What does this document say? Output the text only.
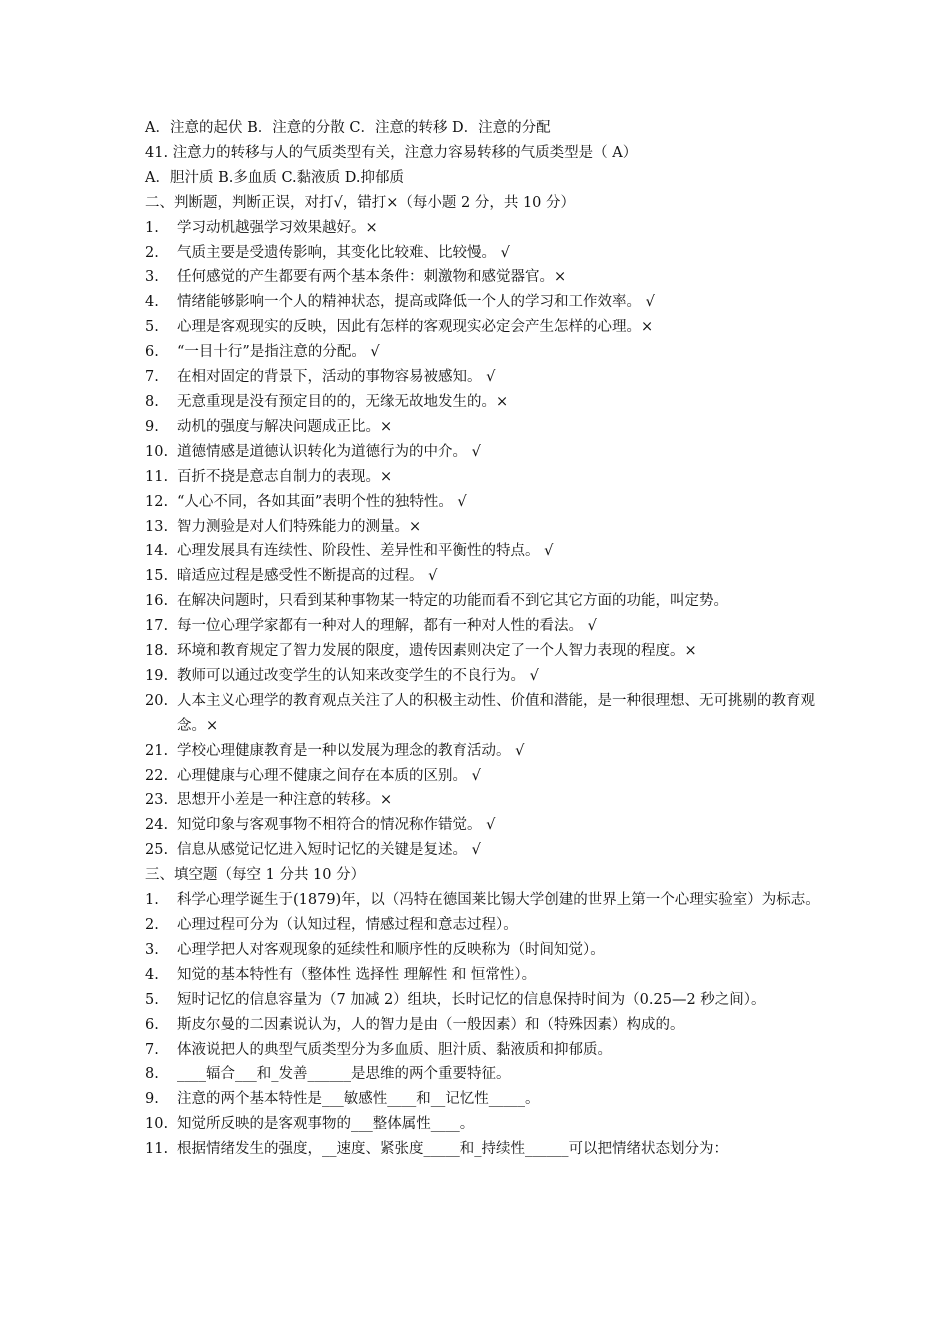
A．注意的起伏 B．注意的分散 C．注意的转移 D．注意的分配
41. 注意力的转移与人的气质类型有关，注意力容易转移的气质类型是（ A）
A．胆汁质 B.多血质 C.黏液质 D.抑郁质
二、判断题，判断正误，对打√，错打×（每小题 2 分，共 10 分）
1.	学习动机越强学习效果越好。×
2.	气质主要是受遗传影响，其变化比较难、比较慢。 √
3.	任何感觉的产生都要有两个基本条件：刺激物和感觉器官。×
4.	情绪能够影响一个人的精神状态，提高或降低一个人的学习和工作效率。 √
5.	心理是客观现实的反映，因此有怎样的客观现实必定会产生怎样的心理。×
6.	“一目十行”是指注意的分配。 √
7.	在相对固定的背景下，活动的事物容易被感知。 √
8.	无意重现是没有预定目的的，无缘无故地发生的。×
9.	动机的强度与解决问题成正比。×
10. 道德情感是道德认识转化为道德行为的中介。 √
11. 百折不挠是意志自制力的表现。×
12. “人心不同，各如其面”表明个性的独特性。 √
13. 智力测验是对人们特殊能力的测量。×
14. 心理发展具有连续性、阶段性、差异性和平衡性的特点。 √
15. 暗适应过程是感受性不断提高的过程。 √
16. 在解决问题时，只看到某种事物某一特定的功能而看不到它其它方面的功能，叫定势。
17. 每一位心理学家都有一种对人的理解，都有一种对人性的看法。 √
18. 环境和教育规定了智力发展的限度，遗传因素则决定了一个人智力表现的程度。×
19. 教师可以通过改变学生的认知来改变学生的不良行为。 √
20. 人本主义心理学的教育观点关注了人的积极主动性、价值和潜能，是一种很理想、无可挑剔的教育观念。×
21. 学校心理健康教育是一种以发展为理念的教育活动。 √
22. 心理健康与心理不健康之间存在本质的区别。 √
23. 思想开小差是一种注意的转移。×
24. 知觉印象与客观事物不相符合的情况称作错觉。 √
25. 信息从感觉记忆进入短时记忆的关键是复述。 √
三、填空题（每空 1 分共 10 分）
1.	科学心理学诞生于(1879)年，以（冯特在德国莱比锡大学创建的世界上第一个心理实验室）为标志。
2.	心理过程可分为（认知过程，情感过程和意志过程）。
3.	心理学把人对客观现象的延续性和顺序性的反映称为（时间知觉）。
4.	知觉的基本特性有（整体性 选择性 理解性 和 恒常性）。
5.	短时记忆的信息容量为（7 加减 2）组块，长时记忆的信息保持时间为（0.25—2 秒之间）。
6.	斯皮尔曼的二因素说认为，人的智力是由（一般因素）和（特殊因素）构成的。
7.	体液说把人的典型气质类型分为多血质、胆汁质、黏液质和抑郁质。
8.	____辐合___和_发善______是思维的两个重要特征。
9.	注意的两个基本特性是___敏感性____和__记忆性_____。
10. 知觉所反映的是客观事物的___整体属性____。
11. 根据情绪发生的强度，__速度、紧张度_____和_持续性______可以把情绪状态划分为：
